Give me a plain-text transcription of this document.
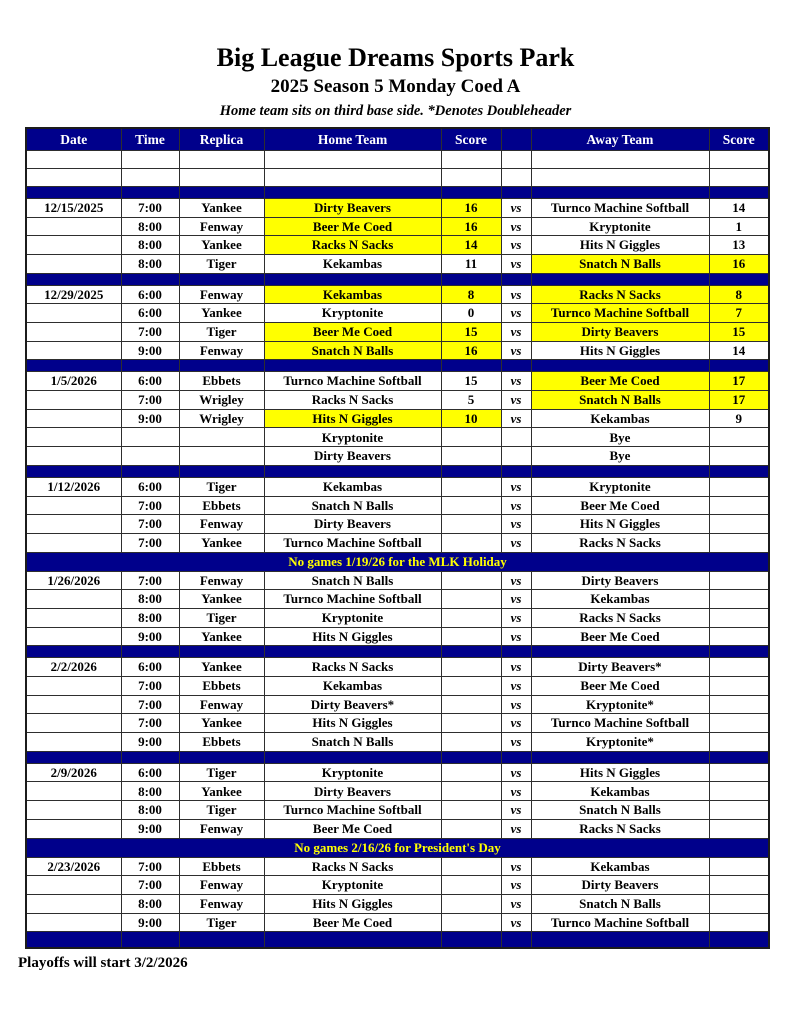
Big League Dreams Sports Park
2025 Season 5 Monday Coed A
Home team sits on third base side. *Denotes Doubleheader
Date	Time	Replica	Home Team	Score		Away Team	Score

12/15/2025	7:00	Yankee	Dirty Beavers	16	vs	Turnco Machine Softball	14
	8:00	Fenway	Beer Me Coed	16	vs	Kryptonite	1
	8:00	Yankee	Racks N Sacks	14	vs	Hits N Giggles	13
	8:00	Tiger	Kekambas	11	vs	Snatch N Balls	16

12/29/2025	6:00	Fenway	Kekambas	8	vs	Racks N Sacks	8
	6:00	Yankee	Kryptonite	0	vs	Turnco Machine Softball	7
	7:00	Tiger	Beer Me Coed	15	vs	Dirty Beavers	15
	9:00	Fenway	Snatch N Balls	16	vs	Hits N Giggles	14

1/5/2026	6:00	Ebbets	Turnco Machine Softball	15	vs	Beer Me Coed	17
	7:00	Wrigley	Racks N Sacks	5	vs	Snatch N Balls	17
	9:00	Wrigley	Hits N Giggles	10	vs	Kekambas	9
			Kryptonite			Bye	
			Dirty Beavers			Bye	

1/12/2026	6:00	Tiger	Kekambas		vs	Kryptonite	
	7:00	Ebbets	Snatch N Balls		vs	Beer Me Coed	
	7:00	Fenway	Dirty Beavers		vs	Hits N Giggles	
	7:00	Yankee	Turnco Machine Softball		vs	Racks N Sacks	
No games 1/19/26 for the MLK Holiday							
1/26/2026	7:00	Fenway	Snatch N Balls		vs	Dirty Beavers	
	8:00	Yankee	Turnco Machine Softball		vs	Kekambas	
	8:00	Tiger	Kryptonite		vs	Racks N Sacks	
	9:00	Yankee	Hits N Giggles		vs	Beer Me Coed	

2/2/2026	6:00	Yankee	Racks N Sacks		vs	Dirty Beavers*	
	7:00	Ebbets	Kekambas		vs	Beer Me Coed	
	7:00	Fenway	Dirty Beavers*		vs	Kryptonite*	
	7:00	Yankee	Hits N Giggles		vs	Turnco Machine Softball	
	9:00	Ebbets	Snatch N Balls		vs	Kryptonite*	

2/9/2026	6:00	Tiger	Kryptonite		vs	Hits N Giggles	
	8:00	Yankee	Dirty Beavers		vs	Kekambas	
	8:00	Tiger	Turnco Machine Softball		vs	Snatch N Balls	
	9:00	Fenway	Beer Me Coed		vs	Racks N Sacks	
No games 2/16/26 for President's Day							
2/23/2026	7:00	Ebbets	Racks N Sacks		vs	Kekambas	
	7:00	Fenway	Kryptonite		vs	Dirty Beavers	
	8:00	Fenway	Hits N Giggles		vs	Snatch N Balls	
	9:00	Tiger	Beer Me Coed		vs	Turnco Machine Softball	

Playoffs will start 3/2/2026
